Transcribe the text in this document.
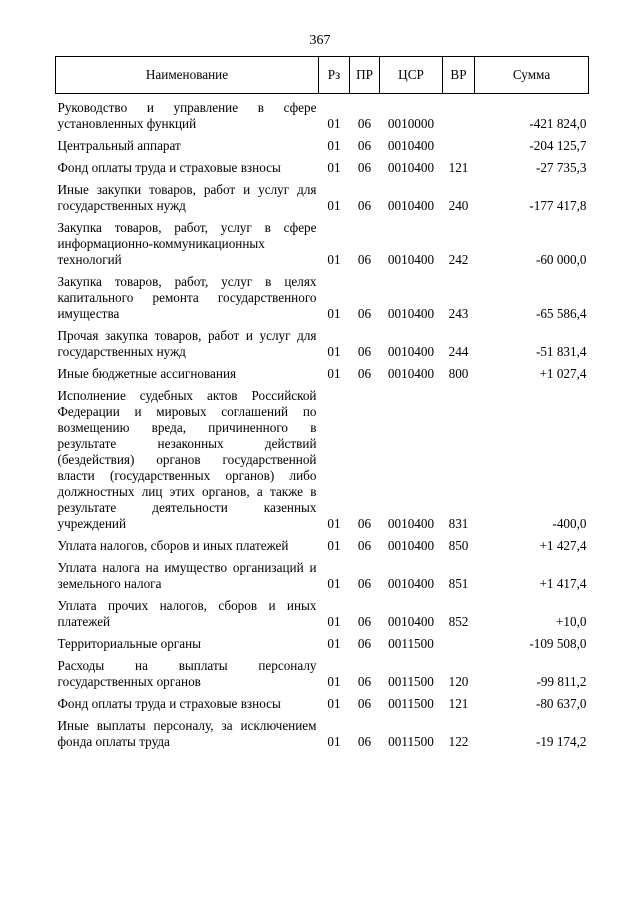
367
Наименование	Рз	ПР	ЦСР	ВР	Сумма

Руководство и управление в сфере установленных функций	01	06	0010000		-421 824,0

Центральный аппарат	01	06	0010400		-204 125,7

Фонд оплаты труда и страховые взносы	01	06	0010400	121	-27 735,3

Иные закупки товаров, работ и услуг для государственных нужд	01	06	0010400	240	-177 417,8

Закупка товаров, работ, услуг в сфере информационно-коммуникационных технологий	01	06	0010400	242	-60 000,0

Закупка товаров, работ, услуг в целях капитального ремонта государственного имущества	01	06	0010400	243	-65 586,4

Прочая закупка товаров, работ и услуг для государственных нужд	01	06	0010400	244	-51 831,4

Иные бюджетные ассигнования	01	06	0010400	800	+1 027,4

Исполнение судебных актов Российской Федерации и мировых соглашений по возмещению вреда, причиненного в результате незаконных действий (бездействия) органов государственной власти (государственных органов) либо должностных лиц этих органов, а также в результате деятельности казенных учреждений	01	06	0010400	831	-400,0

Уплата налогов, сборов и иных платежей	01	06	0010400	850	+1 427,4

Уплата налога на имущество организаций и земельного налога	01	06	0010400	851	+1 417,4

Уплата прочих налогов, сборов и иных платежей	01	06	0010400	852	+10,0

Территориальные органы	01	06	0011500		-109 508,0

Расходы на выплаты персоналу государственных органов	01	06	0011500	120	-99 811,2

Фонд оплаты труда и страховые взносы	01	06	0011500	121	-80 637,0

Иные выплаты персоналу, за исключением фонда оплаты труда	01	06	0011500	122	-19 174,2
